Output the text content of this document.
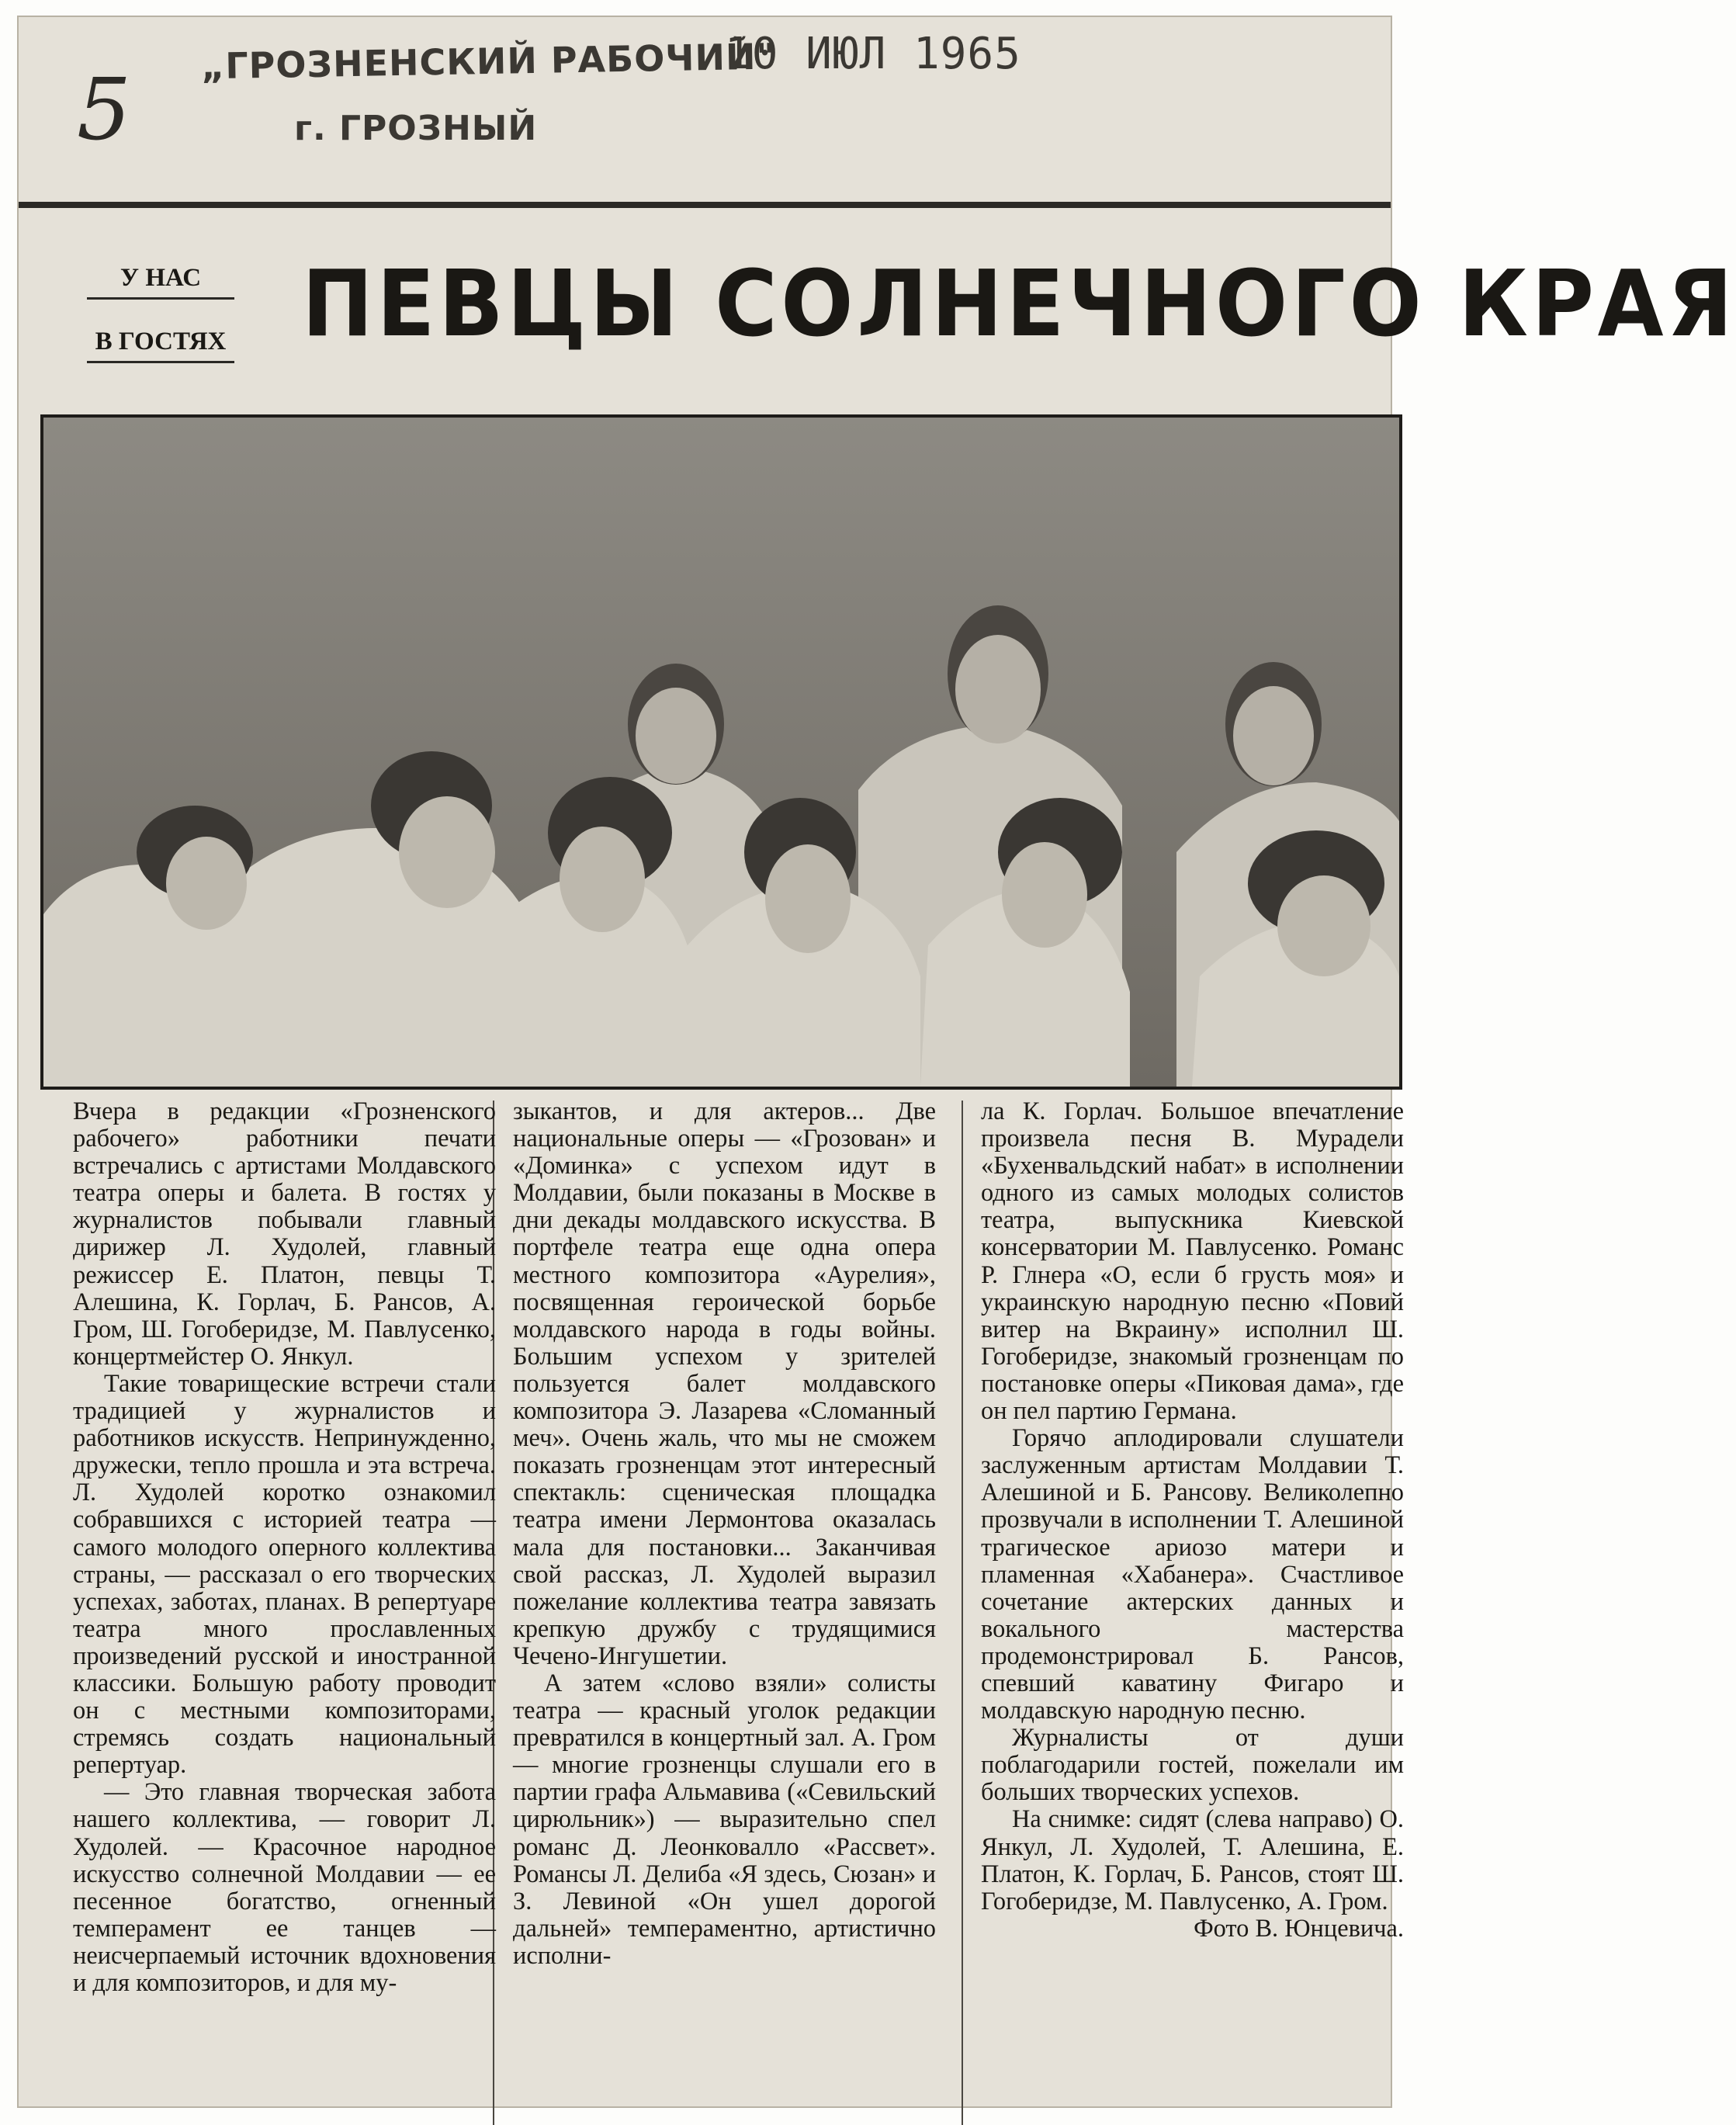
5 „ГРОЗНЕНСКИЙ РАБОЧИЙ"
г. ГРОЗНЫЙ
10 ИЮЛ 1965
У НАС
В ГОСТЯХ ПЕВЦЫ СОЛНЕЧНОГО КРАЯ

Вчера в редакции «Грозненского рабочего» работники печати встречались с артистами Молдавского театра оперы и балета. В гостях у журналистов побывали главный дирижер Л. Худолей, главный режиссер Е. Платон, певцы Т. Алешина, К. Горлач, Б. Рансов, А. Гром, Ш. Гогоберидзе, М. Павлусенко, концертмейстер О. Янкул.

Такие товарищеские встречи стали традицией у журналистов и работников искусств. Непринужденно, дружески, тепло прошла и эта встреча. Л. Худолей коротко ознакомил собравшихся с историей театра — самого молодого оперного коллектива страны, — рассказал о его творческих успехах, заботах, планах. В репертуаре театра много прославленных произведений русской и иностранной классики. Большую работу проводит он с местными композиторами, стремясь создать национальный репертуар.

— Это главная творческая забота нашего коллектива, — говорит Л. Худолей. — Красочное народное искусство солнечной Молдавии — ее песенное богатство, огненный темперамент ее танцев — неисчерпаемый источник вдохновения и для композиторов, и для му-

зыкантов, и для актеров... Две национальные оперы — «Грозован» и «Доминка» с успехом идут в Молдавии, были показаны в Москве в дни декады молдавского искусства. В портфеле театра еще одна опера местного композитора «Аурелия», посвященная героической борьбе молдавского народа в годы войны. Большим успехом у зрителей пользуется балет молдавского композитора Э. Лазарева «Сломанный меч». Очень жаль, что мы не сможем показать грозненцам этот интересный спектакль: сценическая площадка театра имени Лермонтова оказалась мала для постановки... Заканчивая свой рассказ, Л. Худолей выразил пожелание коллектива театра завязать крепкую дружбу с трудящимися Чечено-Ингушетии.

А затем «слово взяли» солисты театра — красный уголок редакции превратился в концертный зал. А. Гром — многие грозненцы слушали его в партии графа Альмавива («Севильский цирюльник») — выразительно спел романс Д. Леонковалло «Рассвет». Романсы Л. Делиба «Я здесь, Сюзан» и З. Левиной «Он ушел дорогой дальней» темпераментно, артистично исполни-

ла К. Горлач. Большое впечатление произвела песня В. Мурадели «Бухенвальдский набат» в исполнении одного из самых молодых солистов театра, выпускника Киевской консерватории М. Павлусенко. Романс Р. Глнера «О, если б грусть моя» и украинскую народную песню «Повий витер на Вкраину» исполнил Ш. Гогоберидзе, знакомый грозненцам по постановке оперы «Пиковая дама», где он пел партию Германа.

Горячо аплодировали слушатели заслуженным артистам Молдавии Т. Алешиной и Б. Рансову. Великолепно прозвучали в исполнении Т. Алешиной трагическое ариозо матери и пламенная «Хабанера». Счастливое сочетание актерских данных и вокального мастерства продемонстрировал Б. Рансов, спевший каватину Фигаро и молдавскую народную песню.

Журналисты от души поблагодарили гостей, пожелали им больших творческих успехов.

На снимке: сидят (слева направо) О. Янкул, Л. Худолей, Т. Алешина, Е. Платон, К. Горлач, Б. Рансов, стоят Ш. Гогоберидзе, М. Павлусенко, А. Гром.

Фото В. Юнцевича.
